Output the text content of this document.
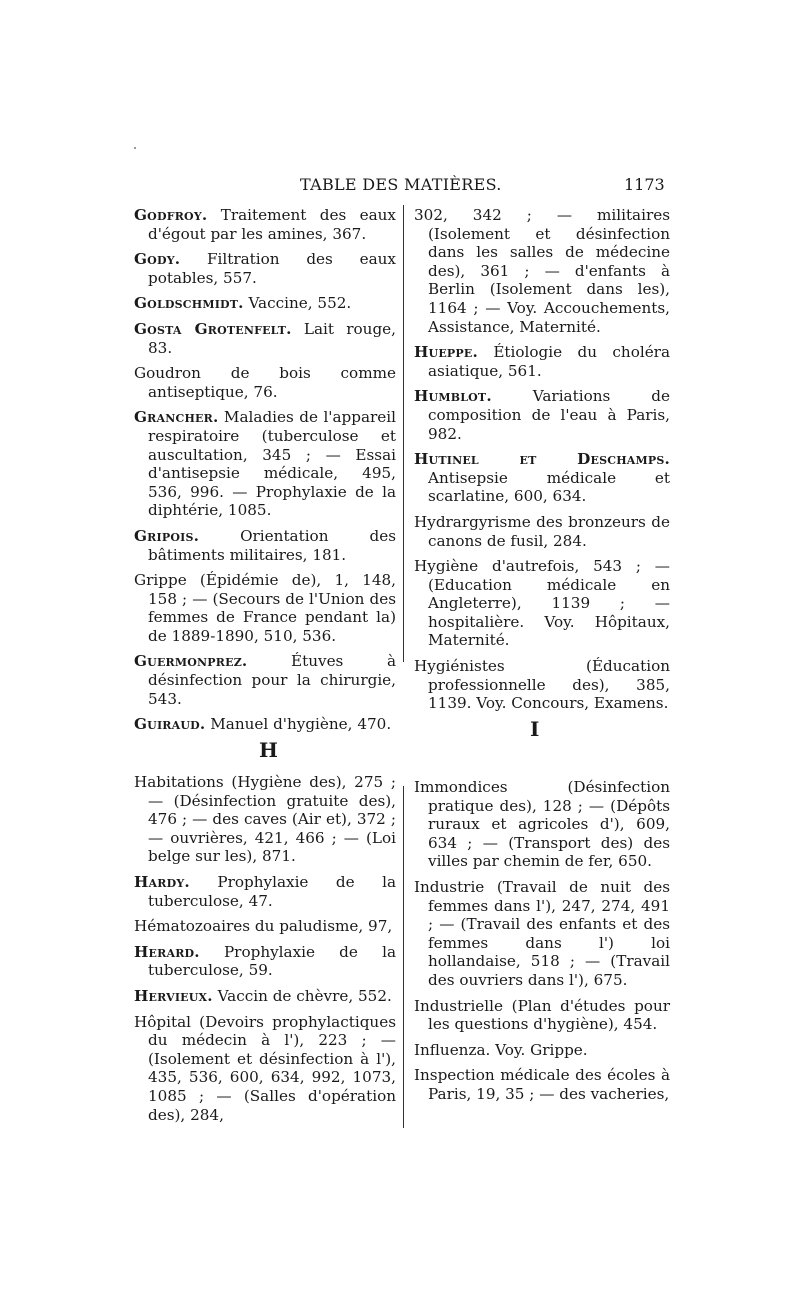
TABLE DES MATIÈRES.	1173

Godfroy. Traitement des eaux d'égout par les amines, 367.

Gody. Filtration des eaux potables, 557.

Goldschmidt. Vaccine, 552.

Gosta Grotenfelt. Lait rouge, 83.

Goudron de bois comme antiseptique, 76.

Grancher. Maladies de l'appareil respiratoire (tuberculose et auscultation, 345 ; — Essai d'antisepsie médicale, 495, 536, 996. — Prophylaxie de la diphtérie, 1085.

Gripois. Orientation des bâtiments militaires, 181.

Grippe (Épidémie de), 1, 148, 158 ; — (Secours de l'Union des femmes de France pendant la) de 1889-1890, 510, 536.

Guermonprez. Étuves à désinfection pour la chirurgie, 543.

Guiraud. Manuel d'hygiène, 470.

302, 342 ; — militaires (Isolement et désinfection dans les salles de médecine des), 361 ; — d'enfants à Berlin (Isolement dans les), 1164 ; — Voy. Accouchements, Assistance, Maternité.

Hueppe. Étiologie du choléra asiatique, 561.

Humblot. Variations de composition de l'eau à Paris, 982.

Hutinel et Deschamps. Antisepsie médicale et scarlatine, 600, 634.

Hydrargyrisme des bronzeurs de canons de fusil, 284.

Hygiène d'autrefois, 543 ; — (Education médicale en Angleterre), 1139 ; — hospitalière. Voy. Hôpitaux, Maternité.

Hygiénistes (Éducation professionnelle des), 385, 1139. Voy. Concours, Examens.

H
I

Habitations (Hygiène des), 275 ; — (Désinfection gratuite des), 476 ; — des caves (Air et), 372 ; — ouvrières, 421, 466 ; — (Loi belge sur les), 871.

Hardy. Prophylaxie de la tuberculose, 47.

Hématozoaires du paludisme, 97,

Herard. Prophylaxie de la tuberculose, 59.

Hervieux. Vaccin de chèvre, 552.

Hôpital (Devoirs prophylactiques du médecin à l'), 223 ; — (Isolement et désinfection à l'), 435, 536, 600, 634, 992, 1073, 1085 ; — (Salles d'opération des), 284,

Immondices (Désinfection pratique des), 128 ; — (Dépôts ruraux et agricoles d'), 609, 634 ; — (Transport des) des villes par chemin de fer, 650.

Industrie (Travail de nuit des femmes dans l'), 247, 274, 491 ; — (Travail des enfants et des femmes dans l') loi hollandaise, 518 ; — (Travail des ouvriers dans l'), 675.

Industrielle (Plan d'études pour les questions d'hygiène), 454.

Influenza. Voy. Grippe.

Inspection médicale des écoles à Paris, 19, 35 ; — des vacheries,
